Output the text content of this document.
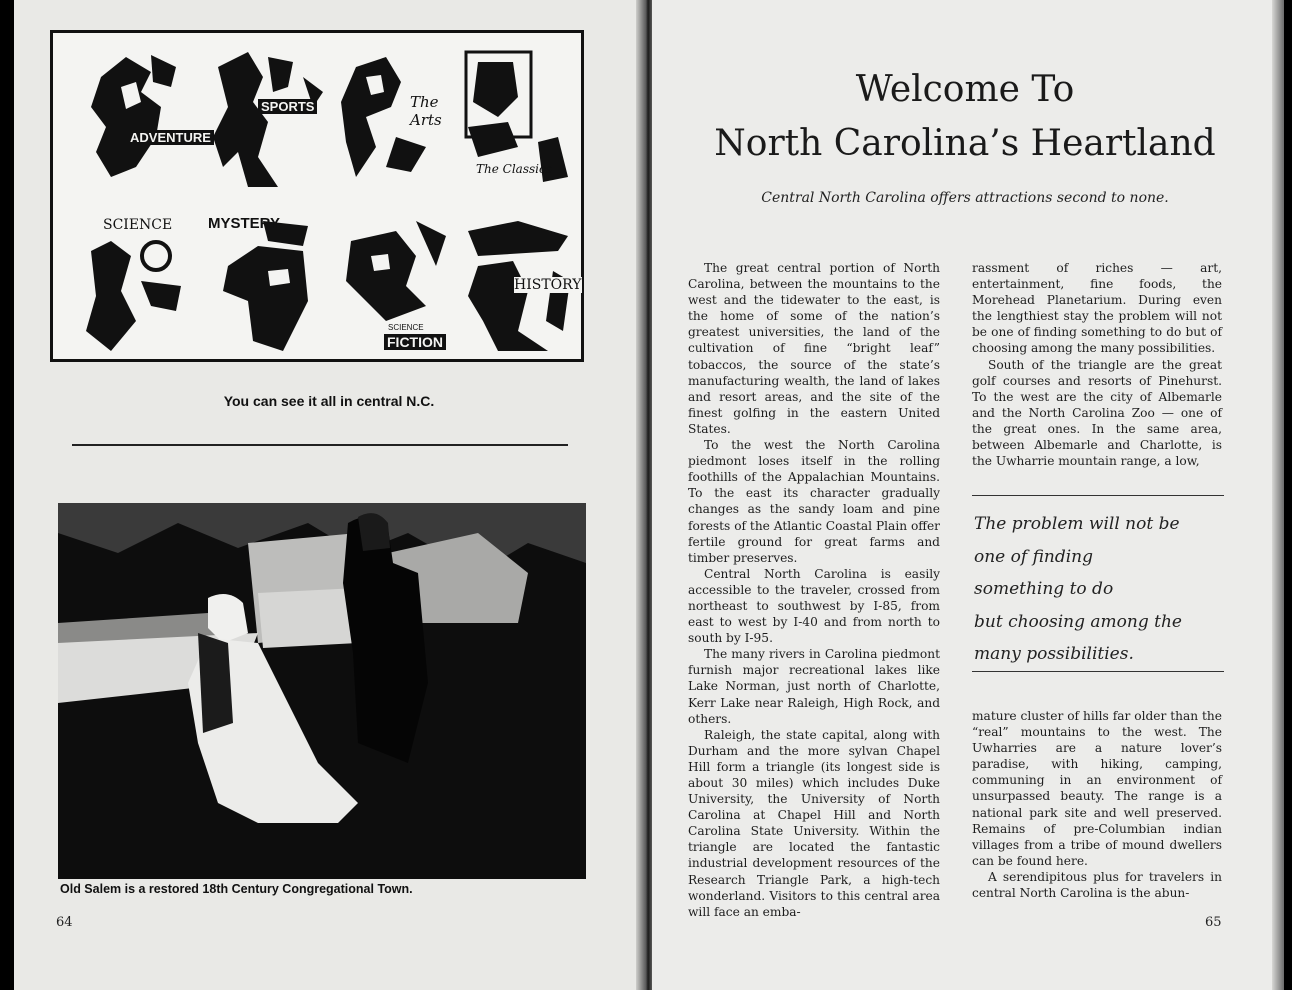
ADVENTURE
SPORTS	The Arts
The Classics
SCIENCE MYSTERY
SCIENCE
FICTION
HISTORY
You can see it all in central N.C.
Old Salem is a restored 18th Century Congregational Town.
64
Welcome To
North Carolina’s Heartland
Central North Carolina offers attractions second to none.

The great central portion of North Carolina, between the mountains to the west and the tidewater to the east, is the home of some of the nation’s greatest universities, the land of the cultivation of fine “bright leaf” tobaccos, the source of the state’s manufacturing wealth, the land of lakes and resort areas, and the site of the finest golfing in the eastern United States.

To the west the North Carolina piedmont loses itself in the rolling foothills of the Appalachian Mountains. To the east its character gradually changes as the sandy loam and pine forests of the Atlantic Coastal Plain offer fertile ground for great farms and timber preserves.

Central North Carolina is easily accessible to the traveler, crossed from northeast to southwest by I-85, from east to west by I-40 and from north to south by I-95.

The many rivers in Carolina piedmont furnish major recreational lakes like Lake Norman, just north of Charlotte, Kerr Lake near Raleigh, High Rock, and others.

Raleigh, the state capital, along with Durham and the more sylvan Chapel Hill form a triangle (its longest side is about 30 miles) which includes Duke University, the University of North Carolina at Chapel Hill and North Carolina State University. Within the triangle are located the fantastic industrial development resources of the Research Triangle Park, a high-tech wonderland. Visitors to this central area will face an emba-

rassment of riches — art, entertainment, fine foods, the Morehead Planetarium. During even the lengthiest stay the problem will not be one of finding something to do but of choosing among the many possibilities.

South of the triangle are the great golf courses and resorts of Pinehurst. To the west are the city of Albemarle and the North Carolina Zoo — one of the great ones. In the same area, between Albemarle and Charlotte, is the Uwharrie mountain range, a low,

The problem will not be
one of finding
something to do
but choosing among the
many possibilities.

mature cluster of hills far older than the “real” mountains to the west. The Uwharries are a nature lover’s paradise, with hiking, camping, communing in an environment of unsurpassed beauty. The range is a national park site and well preserved. Remains of pre-Columbian indian villages from a tribe of mound dwellers can be found here.

A serendipitous plus for travelers in central North Carolina is the abun-

65
